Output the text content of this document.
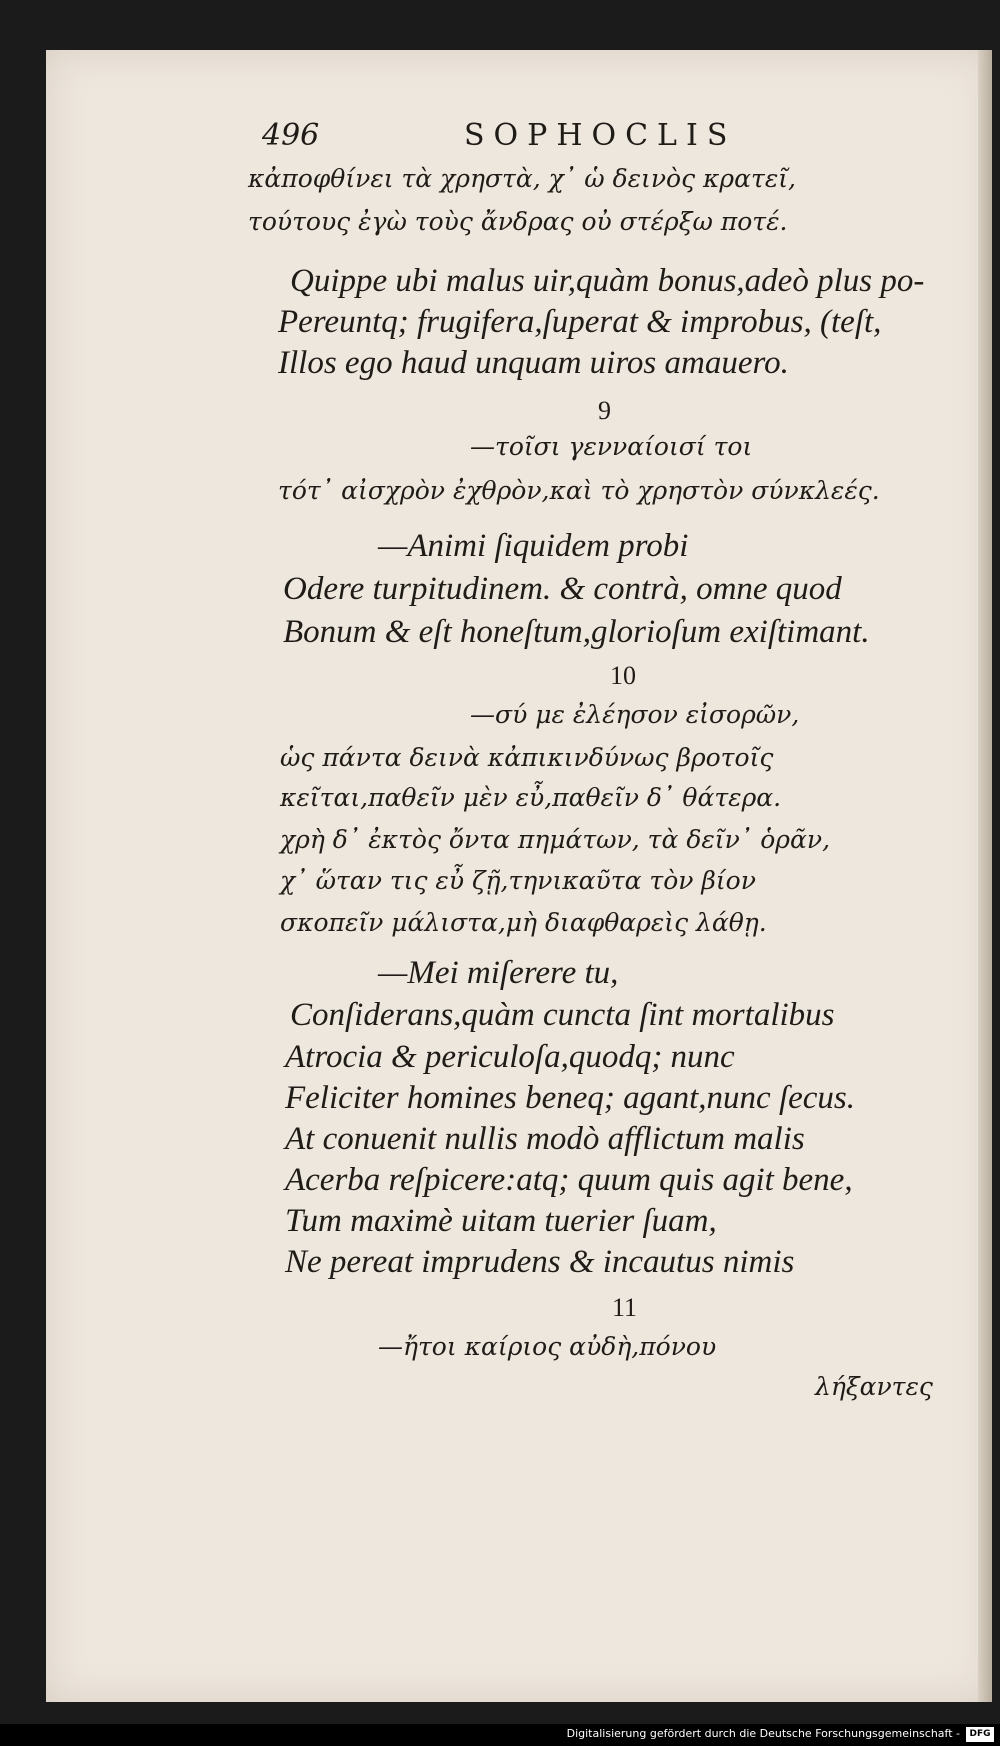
496	SOPHOCLIS
κἀποφθίνει τὰ χρηστὰ, χ᾽ ὡ δεινὸς κρατεῖ,
τούτους ἐγὼ τοὺς ἄνδρας οὐ στέρξω ποτέ.
Quippe ubi malus uir,quàm bonus,adeò plus po-
Pereuntq; frugifera,ſuperat & improbus, (teſt,
Illos ego haud unquam uiros amauero.
9
—τοῖσι γενναίοισί τοι
τότ᾽ αἰσχρὸν ἐχθρὸν,καὶ τὸ χρηστὸν σύνκλεές.
—Animi ſiquidem probi
Odere turpitudinem. & contrà, omne quod
Bonum & eſt honeſtum,glorioſum exiſtimant.
10
—σύ με ἐλέησον εἰσορῶν,
ὡς πάντα δεινὰ κἀπικινδύνως βροτοῖς
κεῖται,παθεῖν μὲν εὖ,παθεῖν δ᾽ θάτερα.
χρὴ δ᾽ ἐκτὸς ὄντα πημάτων, τὰ δεῖν᾽ ὁρᾶν,
χ᾽ ὥταν τις εὖ ζῇ,τηνικαῦτα τὸν βίον
σκοπεῖν μάλιστα,μὴ διαφθαρεὶς λάθῃ.
—Mei miſerere tu,
Conſiderans,quàm cuncta ſint mortalibus
Atrocia & periculoſa,quodq; nunc
Feliciter homines beneq; agant,nunc ſecus.
At conuenit nullis modò afflictum malis
Acerba reſpicere:atq; quum quis agit bene,
Tum maximè uitam tuerier ſuam,
Ne pereat imprudens & incautus nimis
11
—ἤτοι καίριος αὐδὴ,πόνου
λήξαντες
Digitalisierung gefördert durch die Deutsche Forschungsgemeinschaft -	DFG
